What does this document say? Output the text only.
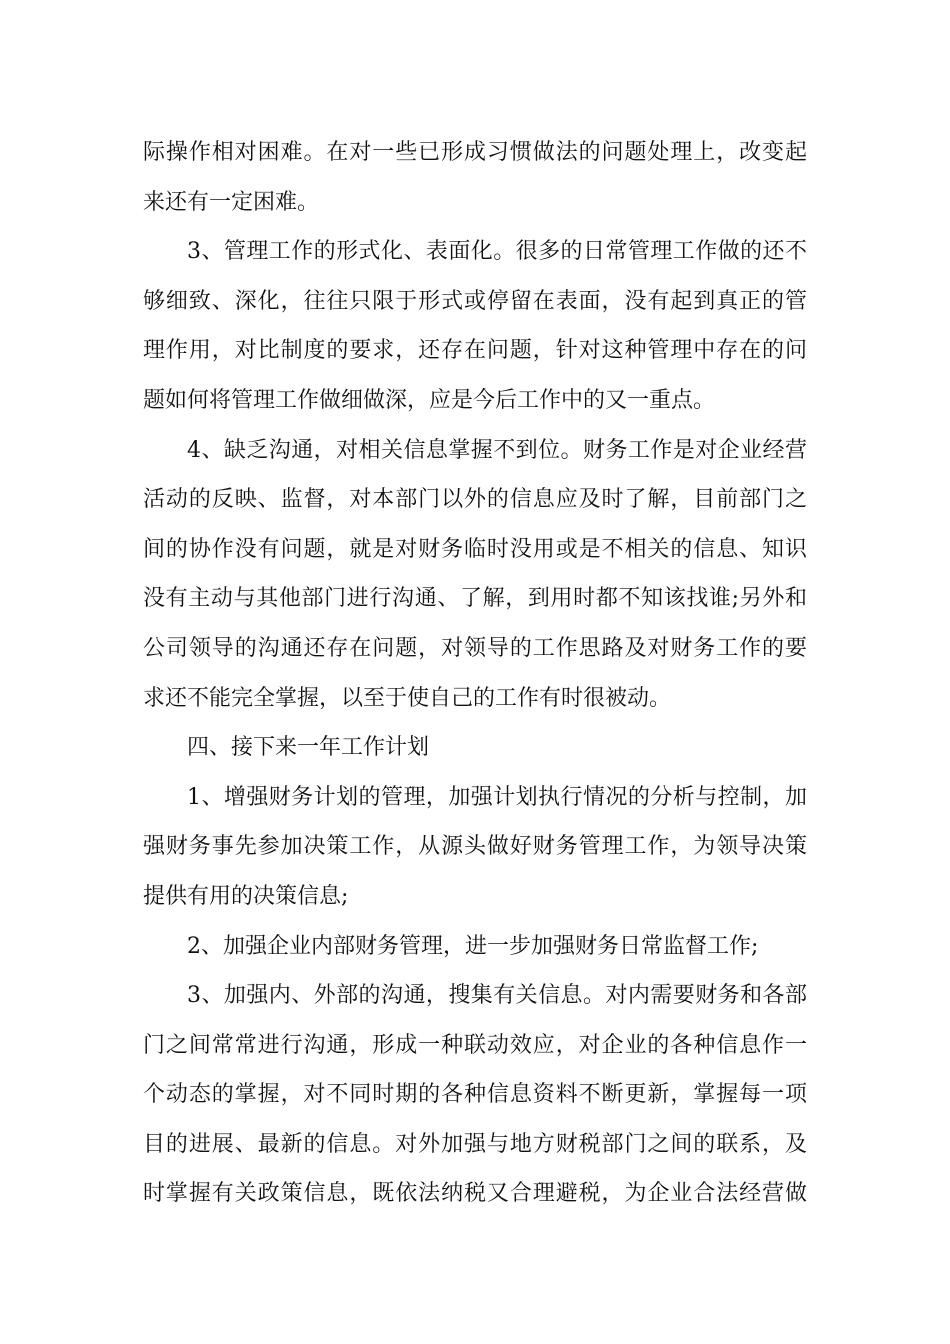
际操作相对困难。在对一些已形成习惯做法的问题处理上，改变起
来还有一定困难。
3、管理工作的形式化、表面化。很多的日常管理工作做的还不
够细致、深化，往往只限于形式或停留在表面，没有起到真正的管
理作用，对比制度的要求，还存在问题，针对这种管理中存在的问
题如何将管理工作做细做深，应是今后工作中的又一重点。
4、缺乏沟通，对相关信息掌握不到位。财务工作是对企业经营
活动的反映、监督，对本部门以外的信息应及时了解，目前部门之
间的协作没有问题，就是对财务临时没用或是不相关的信息、知识
没有主动与其他部门进行沟通、了解，到用时都不知该找谁;另外和
公司领导的沟通还存在问题，对领导的工作思路及对财务工作的要
求还不能完全掌握，以至于使自己的工作有时很被动。
四、接下来一年工作计划
1、增强财务计划的管理，加强计划执行情况的分析与控制，加
强财务事先参加决策工作，从源头做好财务管理工作，为领导决策
提供有用的决策信息;
2、加强企业内部财务管理，进一步加强财务日常监督工作;
3、加强内、外部的沟通，搜集有关信息。对内需要财务和各部
门之间常常进行沟通，形成一种联动效应，对企业的各种信息作一
个动态的掌握，对不同时期的各种信息资料不断更新，掌握每一项
目的进展、最新的信息。对外加强与地方财税部门之间的联系，及
时掌握有关政策信息，既依法纳税又合理避税，为企业合法经营做
